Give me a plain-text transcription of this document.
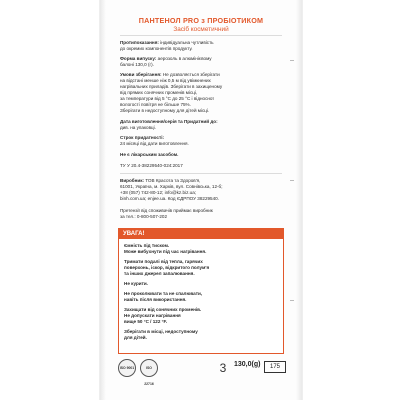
ПАНТЕНОЛ PRO з ПРОБІОТИКОМ
Засіб косметичний
Протипоказання: індивідуальна чутливість
до окремих компонентів продукту.
Форма випуску: аерозоль в алюмінієвому
балоні 130,0 (г).
Умови зберігання: Не дозволяється зберігати
на відстані менше ніж 0,5 м від увімкнених
нагрівальних приладів. Зберігати в захищеному
від прямих сонячних променів місці,
за температури від 5 °С до 25 °С і відносної
вологості повітря не більше 75%.
Зберігати в недоступному для дітей місці.
Дата виготовлення/серія та Придатний до:
див. на упаковці.
Строк придатності:
24 місяці від дати виготовлення.
Не є лікарським засобом.
ТУ У 20.4-38229540-024:2017
Виробник: ТОВ Красота та Здоров'я,
61001, Україна, м. Харків, вул. Совнівська, 12-б;
+38 (057) 742-80-12; info@kz.biz.ua;
binh.com.ua; enjee.ua. Код ЄДРПОУ 38229540.
Претензії від споживачів приймає виробник
за тел.: 0-800-507-202
УВАГА!
Ємність під тиском.
Може вибухнути під час нагрівання.
Тримати подалі від тепла, гарячих
поверхонь, іскор, відкритого полум'я
та інших джерел запалювання.
Не курити.
Не проколювати та не спалювати,
навіть після використання.
Захищати від сонячних променів.
Не допускати нагрівання
вище 50 °С / 122 °F.
Зберігати в місці, недоступному
для дітей.
ISO 9001	ISO 22716
3	130,0(g)	175
